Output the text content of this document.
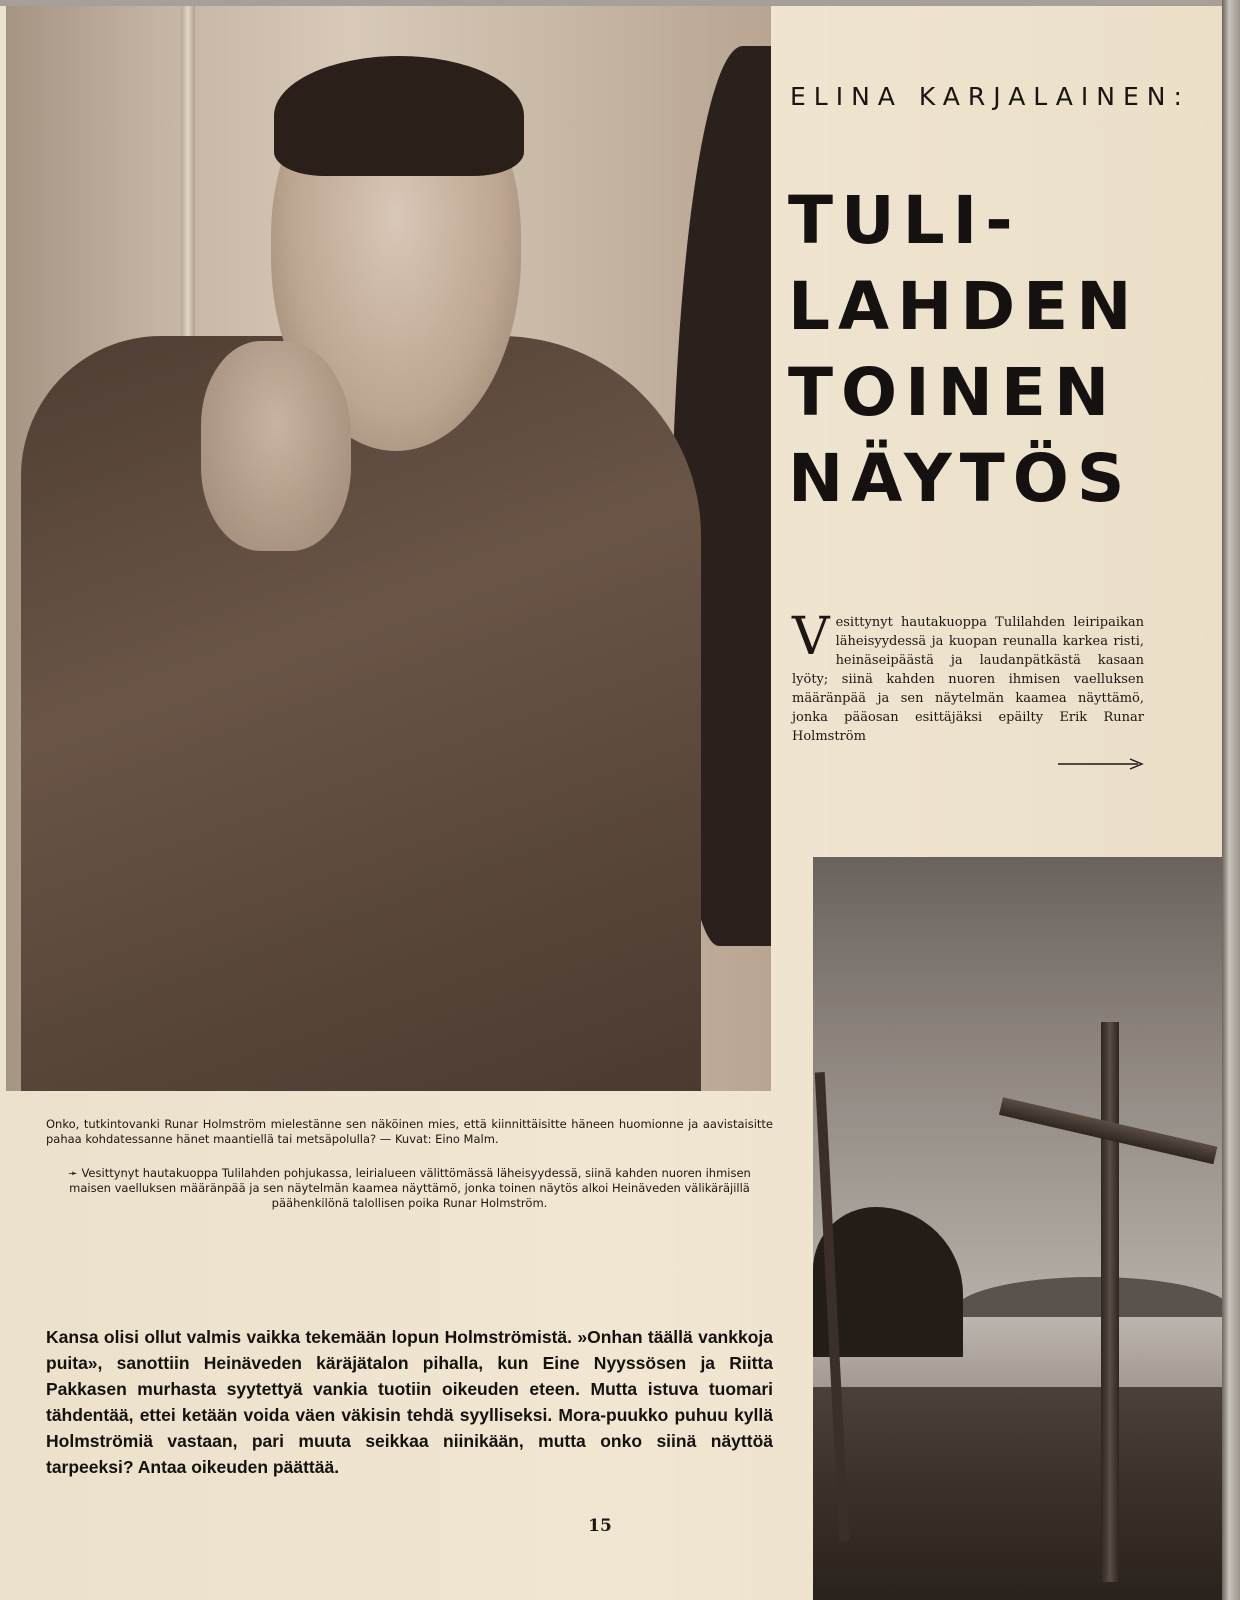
ELINA KARJALAINEN:
TULI-
LAHDEN
TOINEN
NÄYTÖS
V esittynyt hautakuoppa Tulilahden leiripaikan läheisyydessä ja kuopan reunalla karkea risti, heinäseipäästä ja laudanpätkästä kasaan lyöty; siinä kahden nuoren ihmisen vaelluksen määränpää ja sen näytelmän kaamea näyttämö, jonka pääosan esittäjäksi epäilty Erik Runar Holmström
Onko, tutkintovanki Runar Holmström mielestänne sen näköinen mies, että kiinnittäisitte häneen huomionne ja aavistaisitte pahaa kohdatessanne hänet maantiellä tai metsäpolulla? — Kuvat: Eino Malm.
➛ Vesittynyt hautakuoppa Tulilahden pohjukassa, leirialueen välittömässä läheisyydessä, siinä kahden nuoren ihmisen maisen vaelluksen määränpää ja sen näytelmän kaamea näyttämö, jonka toinen näytös alkoi Heinäveden välikäräjillä päähenkilönä talollisen poika Runar Holmström.
Kansa olisi ollut valmis vaikka tekemään lopun Holmströmistä. »Onhan täällä vankkoja puita», sanottiin Heinäveden käräjätalon pihalla, kun Eine Nyyssösen ja Riitta Pakkasen murhasta syytettyä vankia tuotiin oikeuden eteen. Mutta istuva tuomari tähdentää, ettei ketään voida väen väkisin tehdä syylliseksi. Mora-puukko puhuu kyllä Holmströmiä vastaan, pari muuta seikkaa niinikään, mutta onko siinä näyttöä tarpeeksi? Antaa oikeuden päättää.
15
